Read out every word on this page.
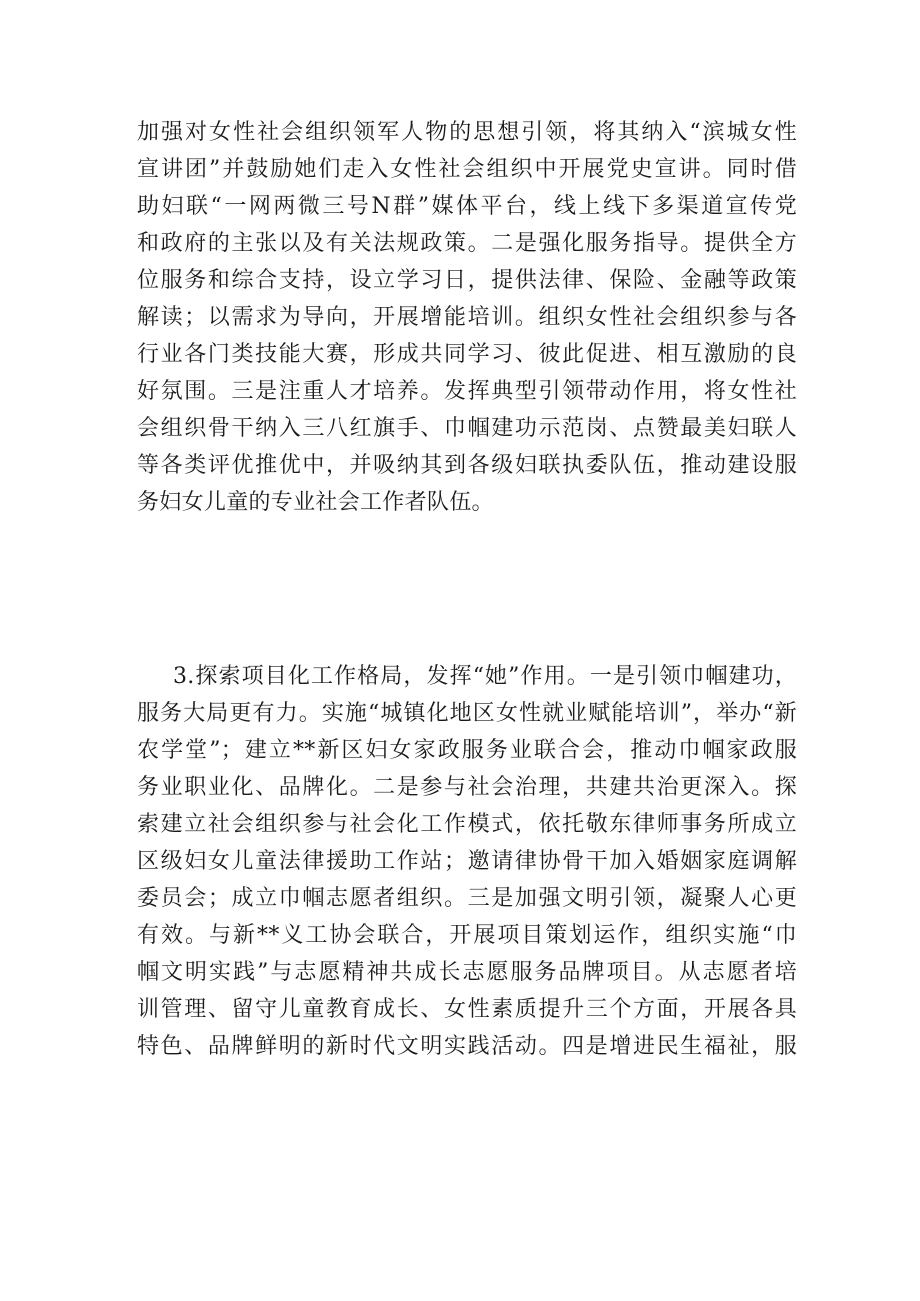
加强对女性社会组织领军人物的思想引领，将其纳入“滨城女性
宣讲团”并鼓励她们走入女性社会组织中开展党史宣讲。同时借
助妇联“一网两微三号N群”媒体平台，线上线下多渠道宣传党
和政府的主张以及有关法规政策。二是强化服务指导。提供全方
位服务和综合支持，设立学习日，提供法律、保险、金融等政策
解读；以需求为导向，开展增能培训。组织女性社会组织参与各
行业各门类技能大赛，形成共同学习、彼此促进、相互激励的良
好氛围。三是注重人才培养。发挥典型引领带动作用，将女性社
会组织骨干纳入三八红旗手、巾帼建功示范岗、点赞最美妇联人
等各类评优推优中，并吸纳其到各级妇联执委队伍，推动建设服
务妇女儿童的专业社会工作者队伍。
3.探索项目化工作格局，发挥“她”作用。一是引领巾帼建功，
服务大局更有力。实施“城镇化地区女性就业赋能培训”，举办“新
农学堂”；建立**新区妇女家政服务业联合会，推动巾帼家政服
务业职业化、品牌化。二是参与社会治理，共建共治更深入。探
索建立社会组织参与社会化工作模式，依托敬东律师事务所成立
区级妇女儿童法律援助工作站；邀请律协骨干加入婚姻家庭调解
委员会；成立巾帼志愿者组织。三是加强文明引领，凝聚人心更
有效。与新**义工协会联合，开展项目策划运作，组织实施“巾
帼文明实践”与志愿精神共成长志愿服务品牌项目。从志愿者培
训管理、留守儿童教育成长、女性素质提升三个方面，开展各具
特色、品牌鲜明的新时代文明实践活动。四是增进民生福祉，服
